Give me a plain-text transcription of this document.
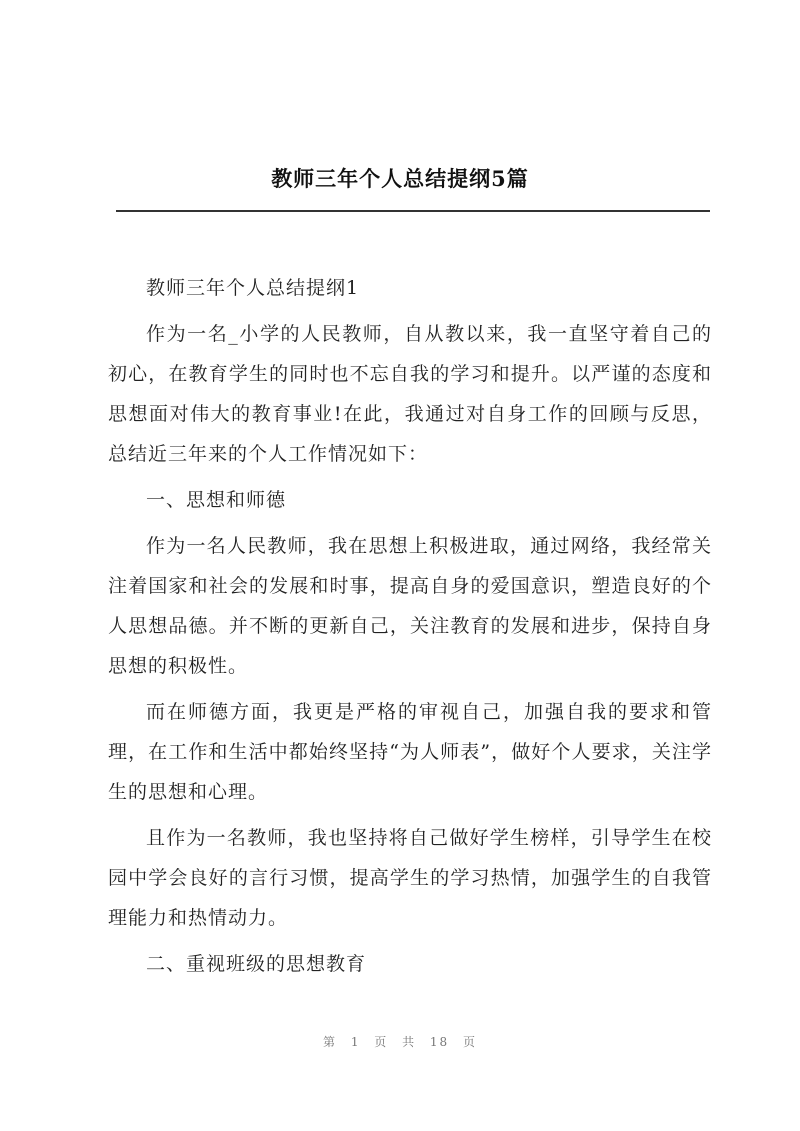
教师三年个人总结提纲5篇

教师三年个人总结提纲1

作为一名_小学的人民教师，自从教以来，我一直坚守着自己的初心，在教育学生的同时也不忘自我的学习和提升。以严谨的态度和思想面对伟大的教育事业!在此，我通过对自身工作的回顾与反思，总结近三年来的个人工作情况如下：

一、思想和师德

作为一名人民教师，我在思想上积极进取，通过网络，我经常关注着国家和社会的发展和时事，提高自身的爱国意识，塑造良好的个人思想品德。并不断的更新自己，关注教育的发展和进步，保持自身思想的积极性。

而在师德方面，我更是严格的审视自己，加强自我的要求和管理，在工作和生活中都始终坚持“为人师表”，做好个人要求，关注学生的思想和心理。

且作为一名教师，我也坚持将自己做好学生榜样，引导学生在校园中学会良好的言行习惯，提高学生的学习热情，加强学生的自我管理能力和热情动力。

二、重视班级的思想教育

第 1 页 共 18 页
